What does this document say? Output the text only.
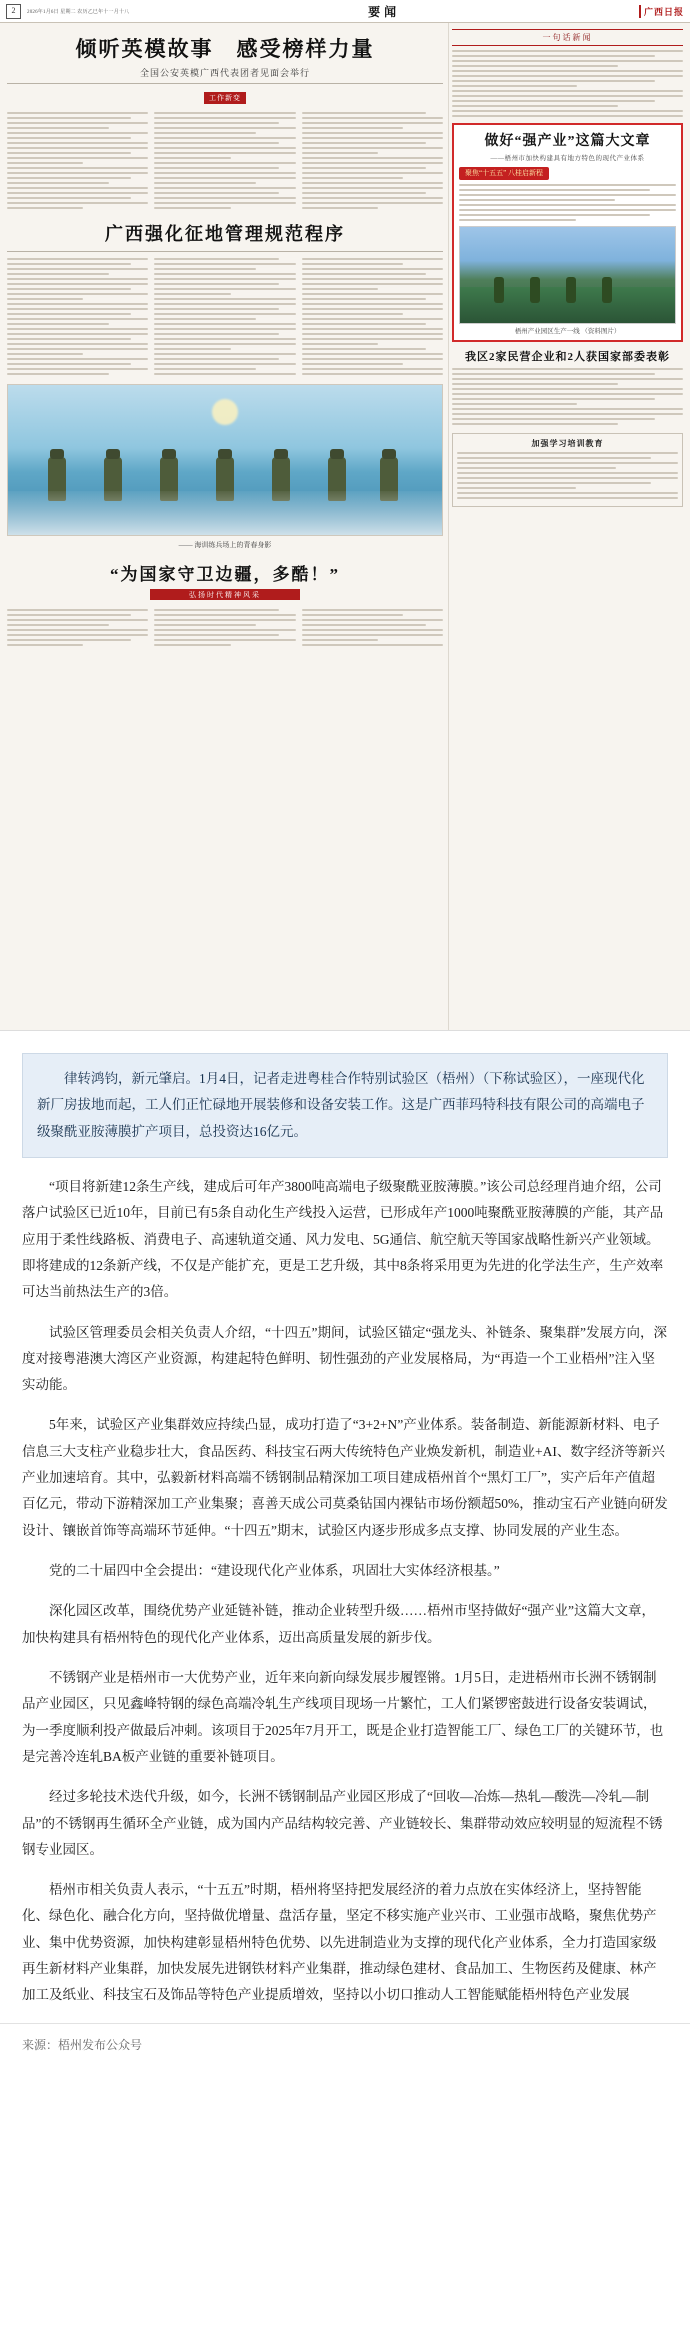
2	2026年1月6日 星期二 农历乙巳年十一月十八	要闻	广西日报
倾听英模故事　感受榜样力量
全国公安英模广西代表团者见面会举行
工作新变
广西强化征地管理规范程序
—— 海训练兵场上的青春身影
“为国家守卫边疆，多酷！”
弘扬时代精神风采
一句话新闻
做好“强产业”这篇大文章
——梧州市加快构建具有地方特色的现代产业体系
聚焦“十五五” 八桂启新程
梧州产业园区生产一线 （资料图片）
我区2家民营企业和2人获国家部委表彰
加强学习培训教育
律转鸿钧，新元肇启。1月4日，记者走进粤桂合作特别试验区（梧州）（下称试验区），一座现代化新厂房拔地而起，工人们正忙碌地开展装修和设备安装工作。这是广西菲玛特科技有限公司的高端电子级聚酰亚胺薄膜扩产项目，总投资达16亿元。

“项目将新建12条生产线，建成后可年产3800吨高端电子级聚酰亚胺薄膜。”该公司总经理肖迪介绍，公司落户试验区已近10年，目前已有5条自动化生产线投入运营，已形成年产1000吨聚酰亚胺薄膜的产能，其产品应用于柔性线路板、消费电子、高速轨道交通、风力发电、5G通信、航空航天等国家战略性新兴产业领域。即将建成的12条新产线，不仅是产能扩充，更是工艺升级，其中8条将采用更为先进的化学法生产，生产效率可达当前热法生产的3倍。

试验区管理委员会相关负责人介绍，“十四五”期间，试验区锚定“强龙头、补链条、聚集群”发展方向，深度对接粤港澳大湾区产业资源，构建起特色鲜明、韧性强劲的产业发展格局，为“再造一个工业梧州”注入坚实动能。

5年来，试验区产业集群效应持续凸显，成功打造了“3+2+N”产业体系。装备制造、新能源新材料、电子信息三大支柱产业稳步壮大，食品医药、科技宝石两大传统特色产业焕发新机，制造业+AI、数字经济等新兴产业加速培育。其中，弘毅新材料高端不锈钢制品精深加工项目建成梧州首个“黑灯工厂”，实产后年产值超百亿元，带动下游精深加工产业集聚；喜善天成公司莫桑钻国内裸钻市场份额超50%，推动宝石产业链向研发设计、镶嵌首饰等高端环节延伸。“十四五”期末，试验区内逐步形成多点支撑、协同发展的产业生态。

党的二十届四中全会提出：“建设现代化产业体系，巩固壮大实体经济根基。”

深化园区改革，围绕优势产业延链补链，推动企业转型升级……梧州市坚持做好“强产业”这篇大文章，加快构建具有梧州特色的现代化产业体系，迈出高质量发展的新步伐。

不锈钢产业是梧州市一大优势产业，近年来向新向绿发展步履铿锵。1月5日，走进梧州市长洲不锈钢制品产业园区，只见鑫峰特钢的绿色高端冷轧生产线项目现场一片繁忙，工人们紧锣密鼓进行设备安装调试，为一季度顺利投产做最后冲刺。该项目于2025年7月开工，既是企业打造智能工厂、绿色工厂的关键环节，也是完善冷连轧BA板产业链的重要补链项目。

经过多轮技术迭代升级，如今，长洲不锈钢制品产业园区形成了“回收—冶炼—热轧—酸洗—冷轧—制品”的不锈钢再生循环全产业链，成为国内产品结构较完善、产业链较长、集群带动效应较明显的短流程不锈钢专业园区。

梧州市相关负责人表示，“十五五”时期，梧州将坚持把发展经济的着力点放在实体经济上，坚持智能化、绿色化、融合化方向，坚持做优增量、盘活存量，坚定不移实施产业兴市、工业强市战略，聚焦优势产业、集中优势资源，加快构建彰显梧州特色优势、以先进制造业为支撑的现代化产业体系，全力打造国家级再生新材料产业集群，加快发展先进钢铁材料产业集群，推动绿色建材、食品加工、生物医药及健康、林产加工及纸业、科技宝石及饰品等特色产业提质增效，坚持以小切口推动人工智能赋能梧州特色产业发展

来源：梧州发布公众号
